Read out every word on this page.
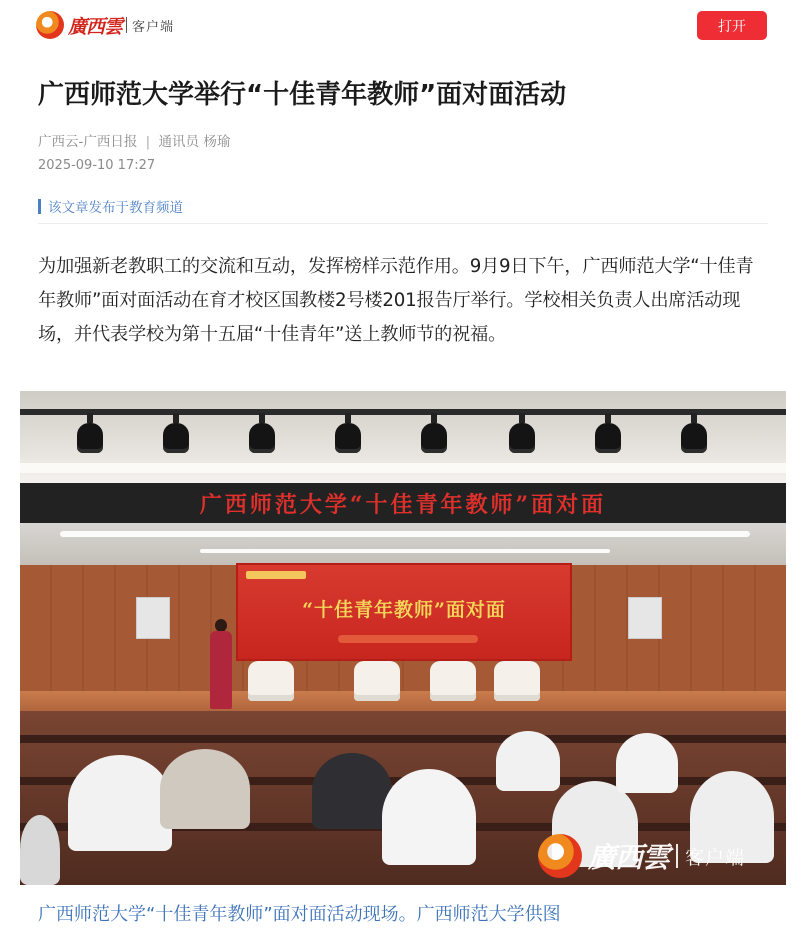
廣西雲 客户端	打开
广西师范大学举行“十佳青年教师”面对面活动
广西云-广西日报 | 通讯员 杨瑜
2025-09-10 17:27
该文章发布于教育频道

为加强新老教职工的交流和互动，发挥榜样示范作用。9月9日下午，广西师范大学“十佳青年教师”面对面活动在育才校区国教楼2号楼201报告厅举行。学校相关负责人出席活动现场，并代表学校为第十五届“十佳青年”送上教师节的祝福。

广西师范大学“十佳青年教师”面对面
“十佳青年教师”面对面
廣西雲 客户端
广西师范大学“十佳青年教师”面对面活动现场。广西师范大学供图
